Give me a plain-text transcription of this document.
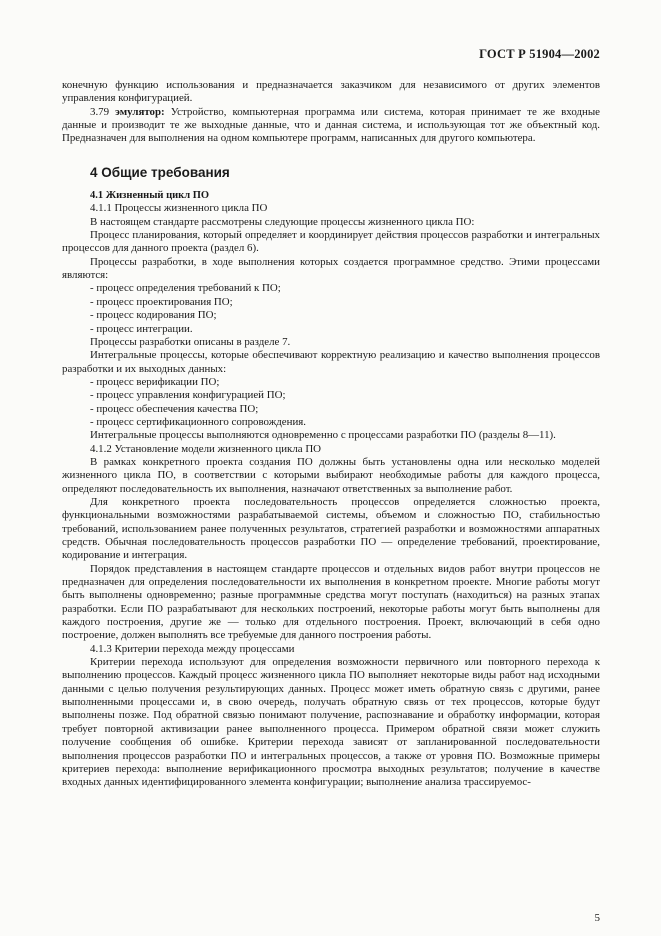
ГОСТ Р 51904—2002

конечную функцию использования и предназначается заказчиком для независимого от других элементов управления конфигурацией.

3.79 эмулятор: Устройство, компьютерная программа или система, которая принимает те же входные данные и производит те же выходные данные, что и данная система, и использующая тот же объектный код. Предназначен для выполнения на одном компьютере программ, написанных для другого компьютера.

4 Общие требования

4.1 Жизненный цикл ПО

4.1.1 Процессы жизненного цикла ПО

В настоящем стандарте рассмотрены следующие процессы жизненного цикла ПО:

Процесс планирования, который определяет и координирует действия процессов разработки и интегральных процессов для данного проекта (раздел 6).

Процессы разработки, в ходе выполнения которых создается программное средство. Этими процессами являются:

- процесс определения требований к ПО;

- процесс проектирования ПО;

- процесс кодирования ПО;

- процесс интеграции.

Процессы разработки описаны в разделе 7.

Интегральные процессы, которые обеспечивают корректную реализацию и качество выполнения процессов разработки и их выходных данных:

- процесс верификации ПО;

- процесс управления конфигурацией ПО;

- процесс обеспечения качества ПО;

- процесс сертификационного сопровождения.

Интегральные процессы выполняются одновременно с процессами разработки ПО (разделы 8—11).

4.1.2 Установление модели жизненного цикла ПО

В рамках конкретного проекта создания ПО должны быть установлены одна или несколько моделей жизненного цикла ПО, в соответствии с которыми выбирают необходимые работы для каждого процесса, определяют последовательность их выполнения, назначают ответственных за выполнение работ.

Для конкретного проекта последовательность процессов определяется сложностью проекта, функциональными возможностями разрабатываемой системы, объемом и сложностью ПО, стабильностью требований, использованием ранее полученных результатов, стратегией разработки и возможностями аппаратных средств. Обычная последовательность процессов разработки ПО — определение требований, проектирование, кодирование и интеграция.

Порядок представления в настоящем стандарте процессов и отдельных видов работ внутри процессов не предназначен для определения последовательности их выполнения в конкретном проекте. Многие работы могут быть выполнены одновременно; разные программные средства могут поступать (находиться) на разных этапах разработки. Если ПО разрабатывают для нескольких построений, некоторые работы могут быть выполнены для каждого построения, другие же — только для отдельного построения. Проект, включающий в себя одно построение, должен выполнять все требуемые для данного построения работы.

4.1.3 Критерии перехода между процессами

Критерии перехода используют для определения возможности первичного или повторного перехода к выполнению процессов. Каждый процесс жизненного цикла ПО выполняет некоторые виды работ над исходными данными с целью получения результирующих данных. Процесс может иметь обратную связь с другими, ранее выполненными процессами и, в свою очередь, получать обратную связь от тех процессов, которые будут выполнены позже. Под обратной связью понимают получение, распознавание и обработку информации, которая требует повторной активизации ранее выполненного процесса. Примером обратной связи может служить получение сообщения об ошибке. Критерии перехода зависят от запланированной последовательности выполнения процессов разработки ПО и интегральных процессов, а также от уровня ПО. Возможные примеры критериев перехода: выполнение верификационного просмотра выходных результатов; получение в качестве входных данных идентифицированного элемента конфигурации; выполнение анализа трассируемос-

5
